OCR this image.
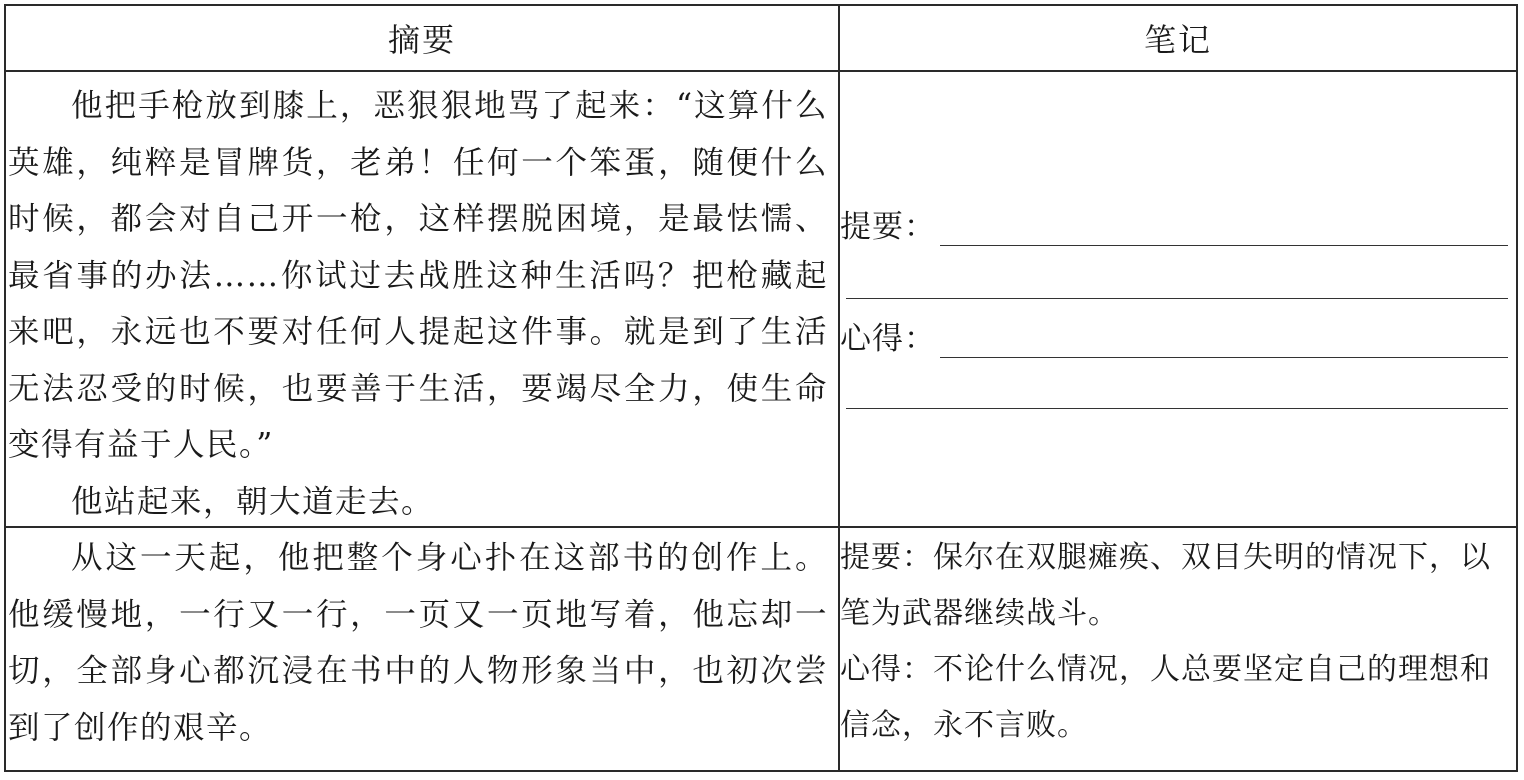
摘要	笔记

他把手枪放到膝上，恶狠狠地骂了起来：“这算什么英雄，纯粹是冒牌货，老弟！任何一个笨蛋，随便什么时候，都会对自己开一枪，这样摆脱困境，是最怯懦、最省事的办法……你试过去战胜这种生活吗？把枪藏起来吧，永远也不要对任何人提起这件事。就是到了生活无法忍受的时候，也要善于生活，要竭尽全力，使生命变得有益于人民。”

他站起来，朝大道走去。

提要：
心得：

从这一天起，他把整个身心扑在这部书的创作上。他缓慢地，一行又一行，一页又一页地写着，他忘却一切，全部身心都沉浸在书中的人物形象当中，也初次尝到了创作的艰辛。

提要：保尔在双腿瘫痪、双目失明的情况下，以笔为武器继续战斗。

心得：不论什么情况，人总要坚定自己的理想和信念，永不言败。
